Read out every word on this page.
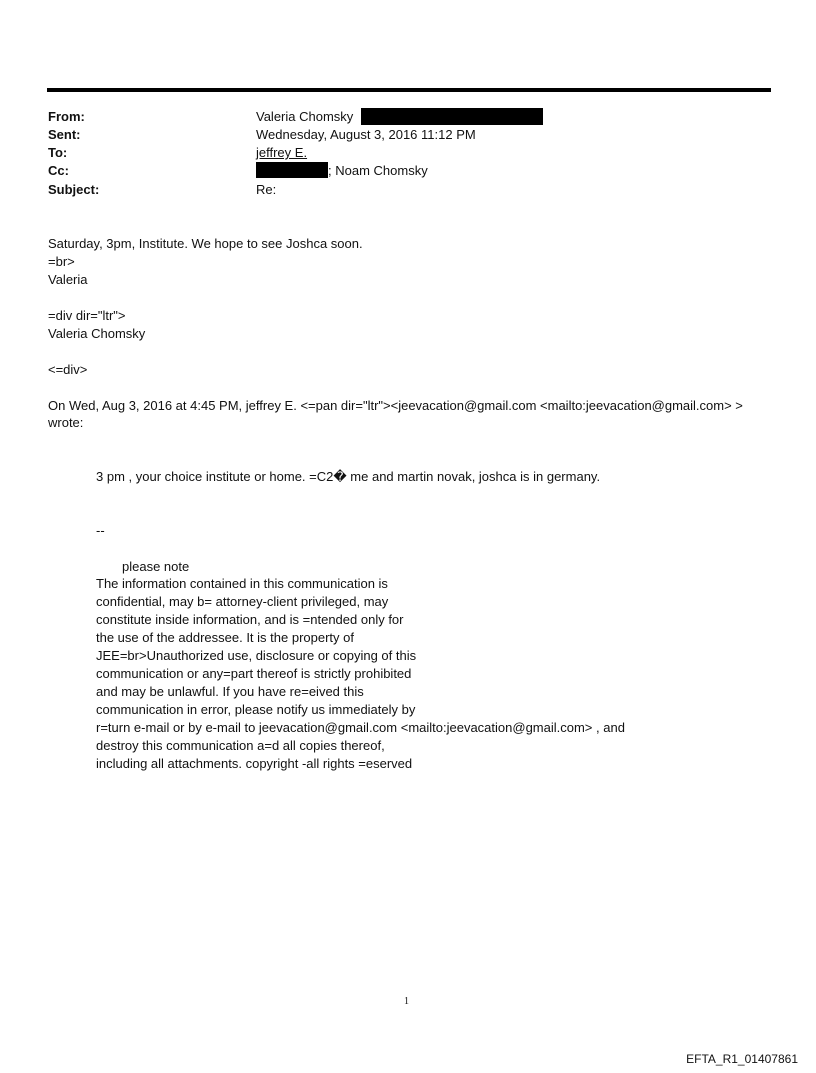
From:	Valeria Chomsky
Sent:	Wednesday, August 3, 2016 11:12 PM
To:	jeffrey E.
Cc:	; Noam Chomsky
Subject:	Re:
Saturday, 3pm, Institute. We hope to see Joshca soon.
=br>
Valeria
=div dir="ltr">
Valeria Chomsky
<=div>
On Wed, Aug 3, 2016 at 4:45 PM, jeffrey E. <=pan dir="ltr"><jeevacation@gmail.com <mailto:jeevacation@gmail.com> >
wrote:
3 pm , your choice institute or home. =C2� me and martin novak, joshca is in germany.
--
please note
The information contained in this communication is
confidential, may b= attorney-client privileged, may
constitute inside information, and is =ntended only for
the use of the addressee. It is the property of
JEE=br>Unauthorized use, disclosure or copying of this
communication or any=part thereof is strictly prohibited
and may be unlawful. If you have re=eived this
communication in error, please notify us immediately by
r=turn e-mail or by e-mail to jeevacation@gmail.com <mailto:jeevacation@gmail.com> , and
destroy this communication a=d all copies thereof,
including all attachments. copyright -all rights =eserved
1
EFTA_R1_01407861
